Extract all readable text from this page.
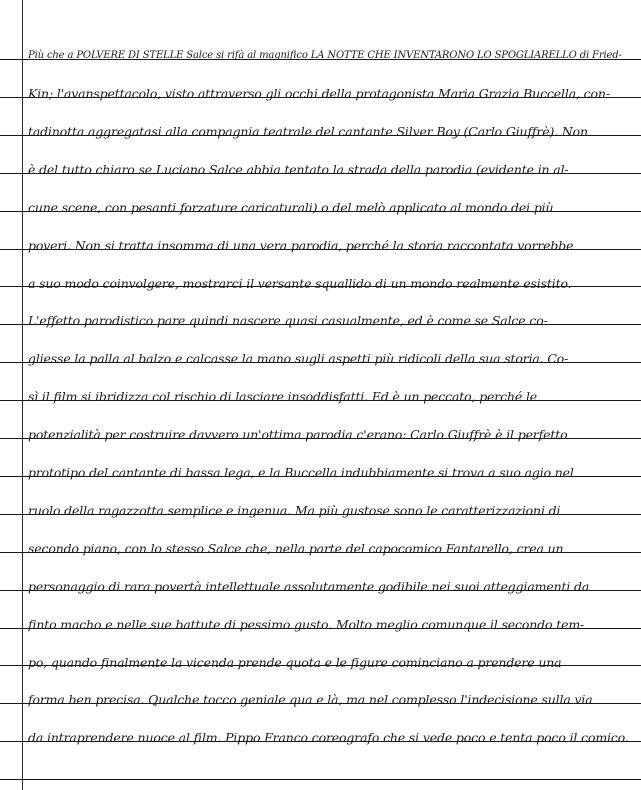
Più che a POLVERE DI STELLE Salce si rifà al magnifico LA NOTTE CHE INVENTARONO LO SPOGLIARELLO di Fried-
Kin; l'avanspettacolo, visto attraverso gli occhi della protagonista Maria Grazia Buccella, con-
tadinotta aggregatasi alla compagnia teatrale del cantante Silver Boy (Carlo Giuffrè). Non
è del tutto chiaro se Luciano Salce abbia tentato la strada della parodia (evidente in al-
cune scene, con pesanti forzature caricaturali) o del melò applicato al mondo dei più
poveri. Non si tratta insomma di una vera parodia, perché la storia raccontata vorrebbe
a suo modo coinvolgere, mostrarci il versante squallido di un mondo realmente esistito.
L'effetto parodistico pare quindi nascere quasi casualmente, ed è come se Salce co-
gliesse la palla al balzo e calcasse la mano sugli aspetti più ridicoli della sua storia. Co-
sì il film si ibridizza col rischio di lasciare insoddisfatti. Ed è un peccato, perché le
potenzialità per costruire davvero un'ottima parodia c'erano: Carlo Giuffrè è il perfetto
prototipo del cantante di bassa lega, e la Buccella indubbiamente si trova a suo agio nel
ruolo della ragazzotta semplice e ingenua. Ma più gustose sono le caratterizzazioni di
secondo piano, con lo stesso Salce che, nella parte del capocomico Fantarello, crea un
personaggio di rara povertà intellettuale assolutamente godibile nei suoi atteggiamenti da
finto macho e nelle sue battute di pessimo gusto. Molto meglio comunque il secondo tem-
po, quando finalmente la vicenda prende quota e le figure cominciano a prendere una
forma ben precisa. Qualche tocco geniale qua e là, ma nel complesso l'indecisione sulla via
da intraprendere nuoce al film. Pippo Franco coreografo che si vede poco e tenta poco il comico.
